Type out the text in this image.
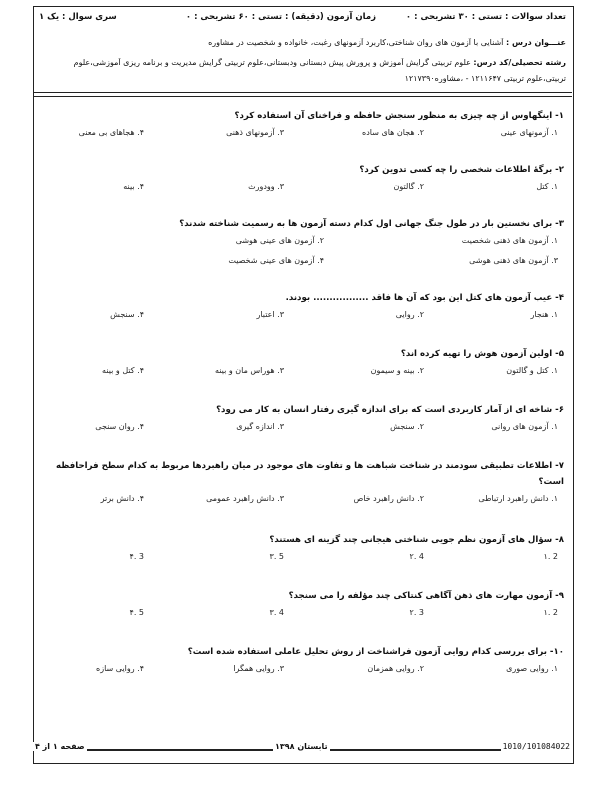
تعداد سوالات : تستی : ۳۰ تشریحی : ۰
زمان آزمون (دقیقه) : تستی : ۶۰ تشریحی : ۰
سری سوال : یک ۱
عنـــوان درس : آشنایی با آزمون های روان شناختی،کاربرد آزمونهای رغبت، خانواده و شخصیت در مشاوره
رشته تحصیلی/کد درس: علوم تربیتی گرایش آموزش و پرورش پیش دبستانی ودبستانی،علوم تربیتی گرایش مدیریت و برنامه ریزی آموزشی،علوم
تربیتی،علوم تربیتی ۱۲۱۱۶۴۷ - ،مشاوره۱۲۱۷۳۹۰
۱- اینگهاوس از چه چیزی به منظور سنجش حافظه و فراخنای آن استفاده کرد؟
۱. آزمونهای عینی
۲. هجان های ساده
۳. آزمونهای ذهنی
۴. هجاهای بی معنی
۲- برگهٔ اطلاعات شخصی را چه کسی تدوین کرد؟
۱. کتل
۲. گالتون
۳. وودورث
۴. بینه
۳- برای نخستین بار در طول جنگ جهانی اول کدام دسته آزمون ها به رسمیت شناخته شدند؟
۱. آزمون های ذهنی شخصیت
۲. آزمون های عینی هوشی
۳. آزمون های ذهنی هوشی
۴. آزمون های عینی شخصیت
۴- عیب آزمون های کتل این بود که آن ها فاقد ................. بودند.
۱. هنجار
۲. روایی
۳. اعتبار
۴. سنجش
۵- اولین آزمون هوش را تهیه کرده اند؟
۱. کتل و گالتون
۲. بینه و سیمون
۳. هوراس مان و بینه
۴. کتل و بینه
۶- شاخه ای از آمار کاربردی است که برای اندازه گیری رفتار انسان به کار می رود؟
۱. آزمون های روانی
۲. سنجش
۳. اندازه گیری
۴. روان سنجی
۷- اطلاعات تطبیقی سودمند در شناخت شباهت ها و تفاوت های موجود در میان راهبردها مربوط به کدام سطح فراحافظه است؟
۱. دانش راهبرد ارتباطی
۲. دانش راهبرد خاص
۳. دانش راهبرد عمومی
۴. دانش برتر
۸- سؤال های آزمون نظم جویی شناختی هیجانی چند گزینه ای هستند؟
2 .۱
4 .۲
5 .۳
3 .۴
۹- آزمون مهارت های ذهن آگاهی کنتاکی چند مؤلفه را می سنجد؟
2 .۱
3 .۲
4 .۳
5 .۴
۱۰- برای بررسی کدام روایی آزمون فراشناخت از روش تحلیل عاملی استفاده شده است؟
۱. روایی صوری
۲. روایی همزمان
۳. روایی همگرا
۴. روایی سازه
صفحه ۱ از ۴	تابستان ۱۳۹۸	1010/101084022
